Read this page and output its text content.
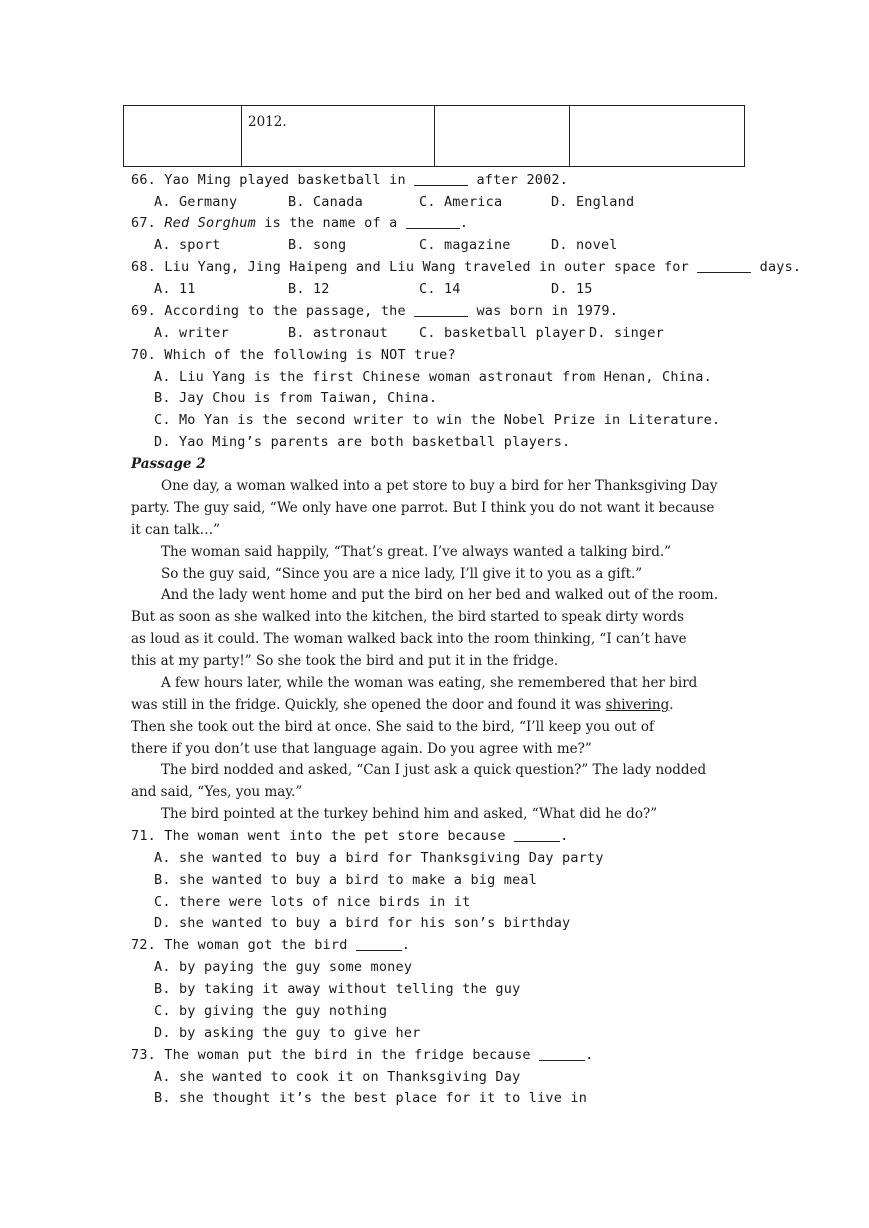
	2012.		
66. Yao Ming played basketball in	after 2002.
A. Germany	B. Canada	C. America	D. England
67. Red Sorghum is the name of a	.
A. sport	B. song	C. magazine	D. novel
68. Liu Yang, Jing Haipeng and Liu Wang traveled in outer space for	days.
A. 11	B. 12	C. 14	D. 15
69. According to the passage, the	was born in 1979.
A. writer	B. astronaut C. basketball player D. singer
70. Which of the following is NOT true?
A. Liu Yang is the first Chinese woman astronaut from Henan, China.
B. Jay Chou is from Taiwan, China.
C. Mo Yan is the second writer to win the Nobel Prize in Literature.
D. Yao Ming’s parents are both basketball players.
Passage 2
One day, a woman walked into a pet store to buy a bird for her Thanksgiving Day
party. The guy said, “We only have one parrot. But I think you do not want it because
it can talk…”
The woman said happily, “That’s great. I’ve always wanted a talking bird.”
So the guy said, “Since you are a nice lady, I’ll give it to you as a gift.”
And the lady went home and put the bird on her bed and walked out of the room.
But as soon as she walked into the kitchen, the bird started to speak dirty words
as loud as it could. The woman walked back into the room thinking, “I can’t have
this at my party!” So she took the bird and put it in the fridge.
A few hours later, while the woman was eating, she remembered that her bird
was still in the fridge. Quickly, she opened the door and found it was shivering.
Then she took out the bird at once. She said to the bird, “I’ll keep you out of
there if you don’t use that language again. Do you agree with me?”
The bird nodded and asked, “Can I just ask a quick question?” The lady nodded
and said, “Yes, you may.”
The bird pointed at the turkey behind him and asked, “What did he do?”
71. The woman went into the pet store because	.
A. she wanted to buy a bird for Thanksgiving Day party
B. she wanted to buy a bird to make a big meal
C. there were lots of nice birds in it
D. she wanted to buy a bird for his son’s birthday
72. The woman got the bird	.
A. by paying the guy some money
B. by taking it away without telling the guy
C. by giving the guy nothing
D. by asking the guy to give her
73. The woman put the bird in the fridge because	.
A. she wanted to cook it on Thanksgiving Day
B. she thought it’s the best place for it to live in
